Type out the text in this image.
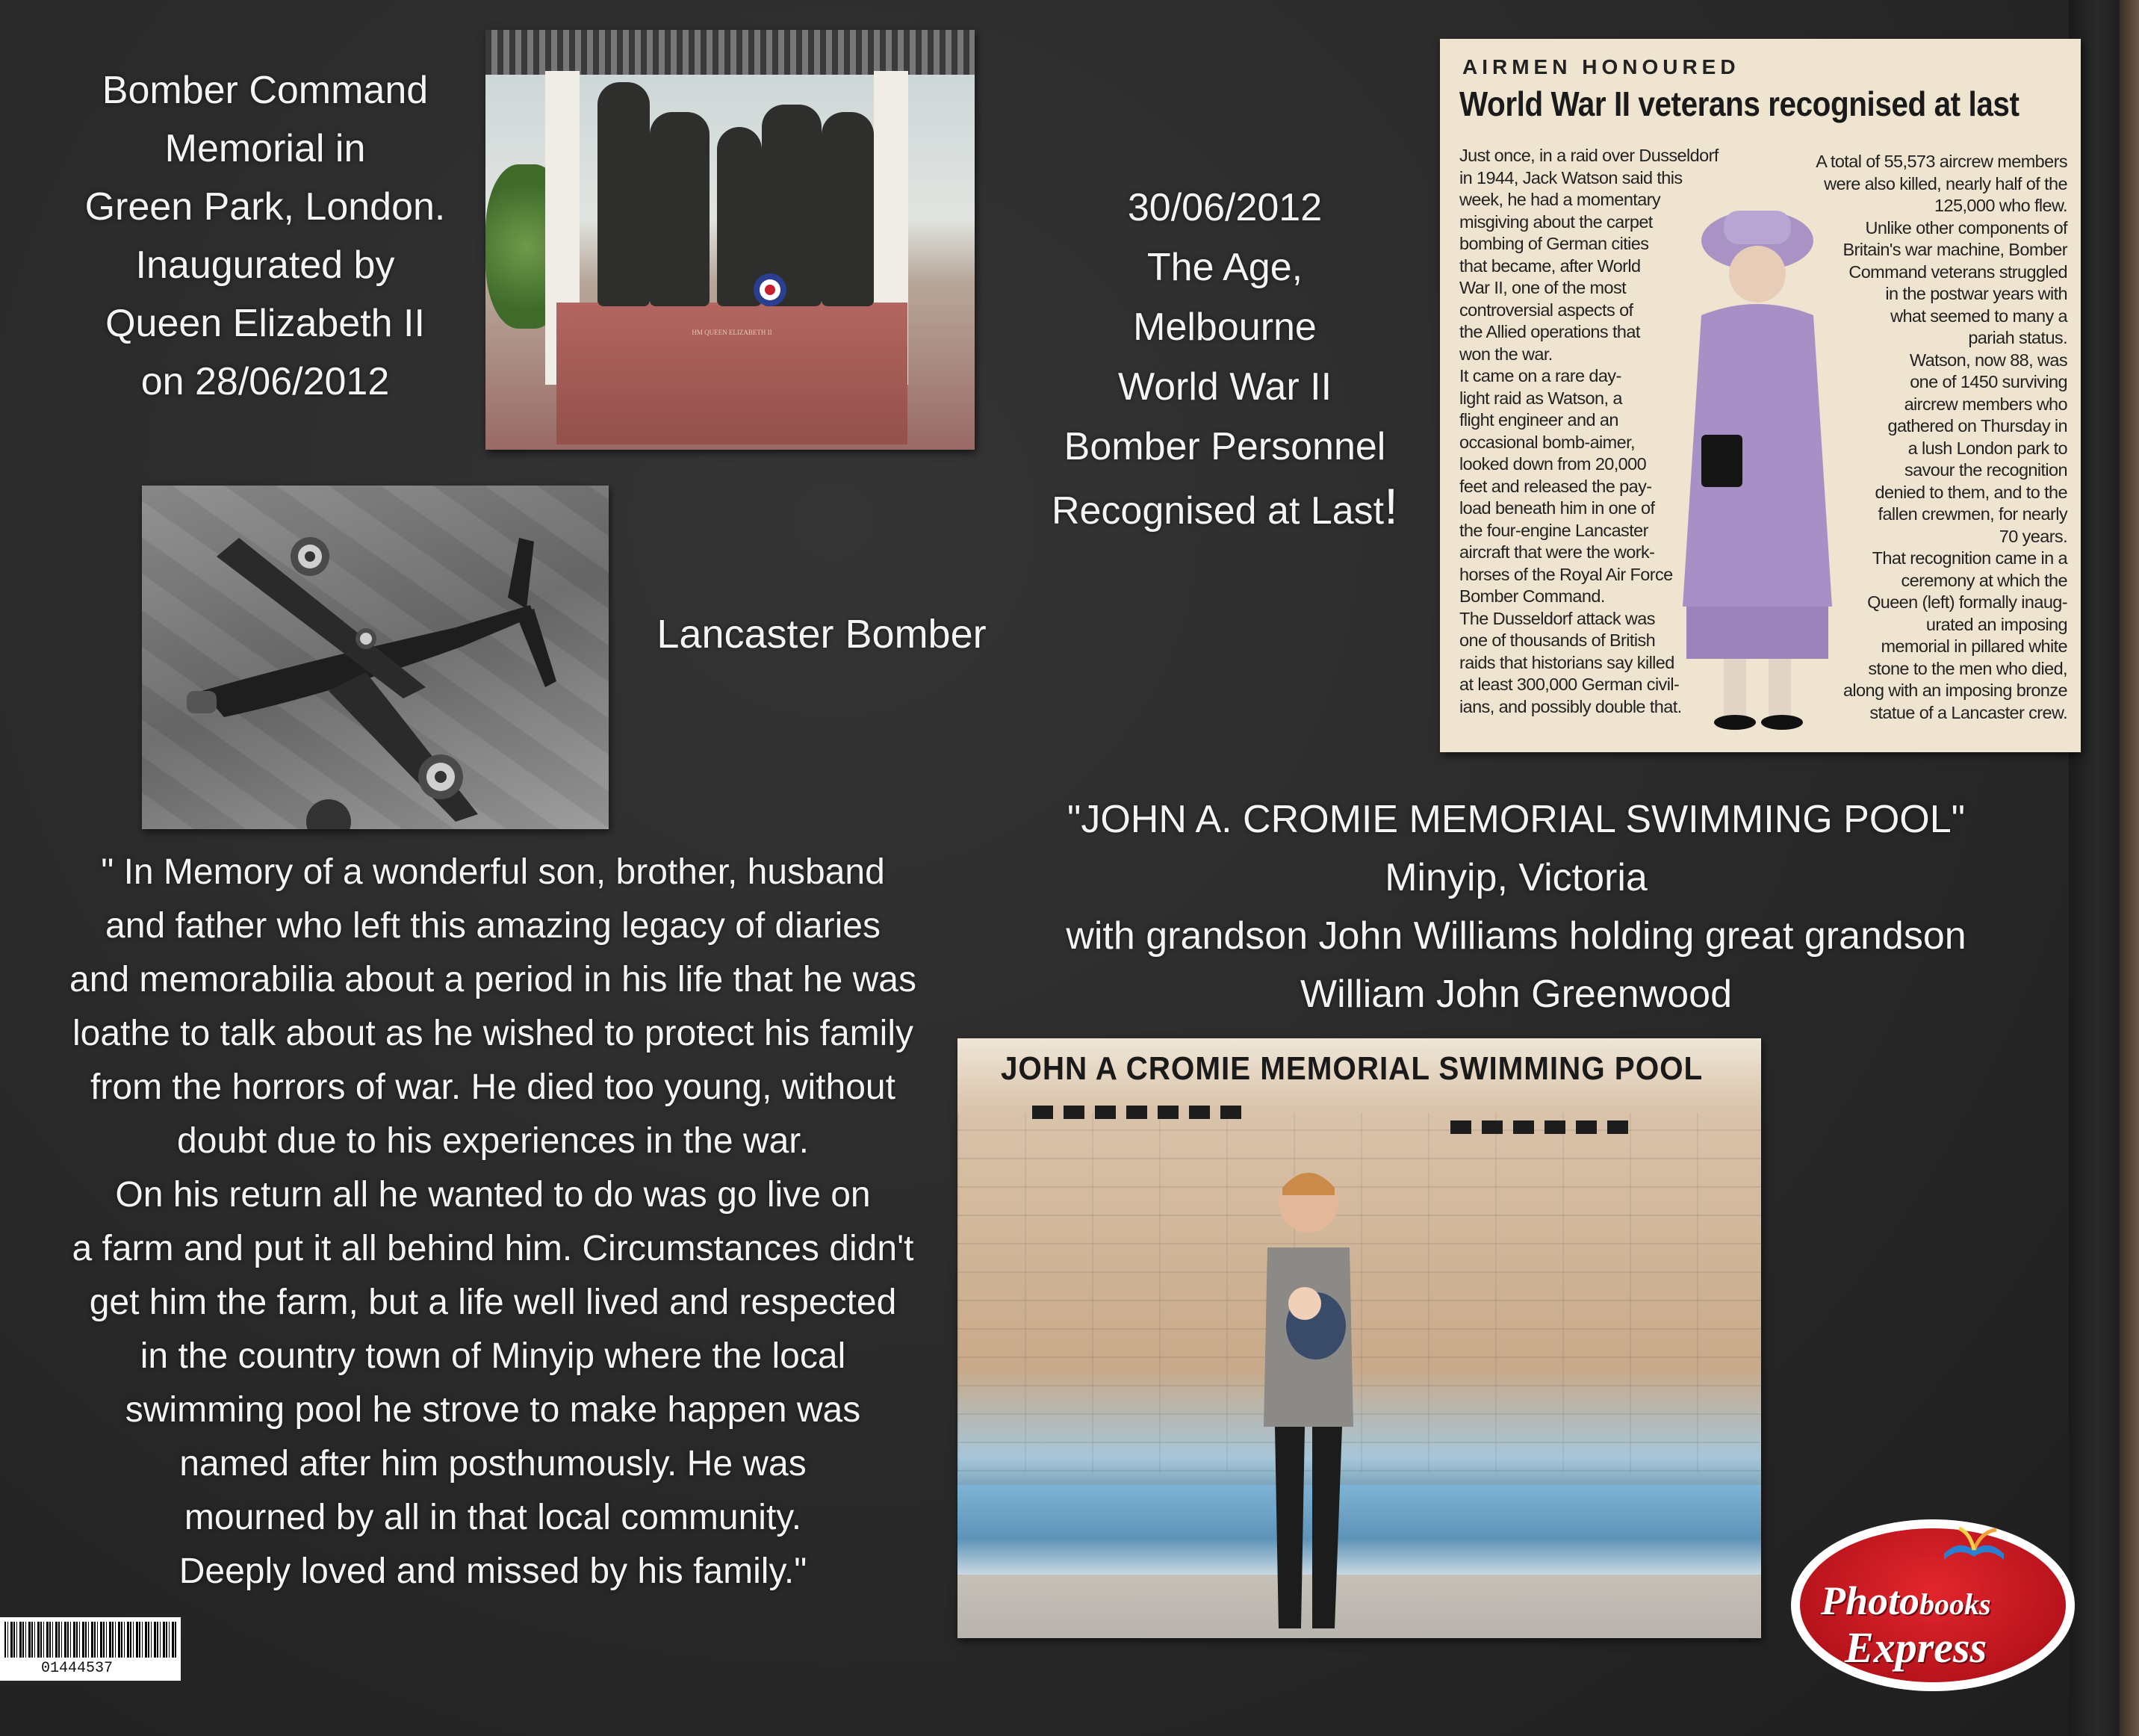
Bomber Command
Memorial in
Green Park, London.
Inaugurated by
Queen Elizabeth II
on 28/06/2012
HM QUEEN ELIZABETH II
30/06/2012
The Age,
Melbourne
World War II
Bomber Personnel
Recognised at Last!
AIRMEN HONOURED
World War II veterans recognised at last
Just once, in a raid over Dusseldorf
in 1944, Jack Watson said this
week, he had a momentary
misgiving about the carpet
bombing of German cities
that became, after World
War II, one of the most
controversial aspects of
the Allied operations that
won the war.
It came on a rare day-
light raid as Watson, a
flight engineer and an
occasional bomb-aimer,
looked down from 20,000
feet and released the pay-
load beneath him in one of
the four-engine Lancaster
aircraft that were the work-
horses of the Royal Air Force
Bomber Command.
The Dusseldorf attack was
one of thousands of British
raids that historians say killed
at least 300,000 German civil-
ians, and possibly double that.
A total of 55,573 aircrew members
were also killed, nearly half of the
125,000 who flew.
Unlike other components of
Britain's war machine, Bomber
Command veterans struggled
in the postwar years with
what seemed to many a
pariah status.
Watson, now 88, was
one of 1450 surviving
aircrew members who
gathered on Thursday in
a lush London park to
savour the recognition
denied to them, and to the
fallen crewmen, for nearly
70 years.
That recognition came in a
ceremony at which the
Queen (left) formally inaug-
urated an imposing
memorial in pillared white
stone to the men who died,
along with an imposing bronze
statue of a Lancaster crew.
Lancaster Bomber
" In Memory of a wonderful son, brother, husband
and father who left this amazing legacy of diaries
and memorabilia about a period in his life that he was
loathe to talk about as he wished to protect his family
from the horrors of war. He died too young, without
doubt due to his experiences in the war.
On his return all he wanted to do was go live on
a farm and put it all behind him. Circumstances didn't
get him the farm, but a life well lived and respected
in the country town of Minyip where the local
swimming pool he strove to make happen was
named after him posthumously. He was
mourned by all in that local community.
Deeply loved and missed by his family."
"JOHN A. CROMIE MEMORIAL SWIMMING POOL"
Minyip, Victoria
with grandson John Williams holding great grandson
William John Greenwood
JOHN A CROMIE MEMORIAL SWIMMING POOL
01444537
Photobooks
Express
